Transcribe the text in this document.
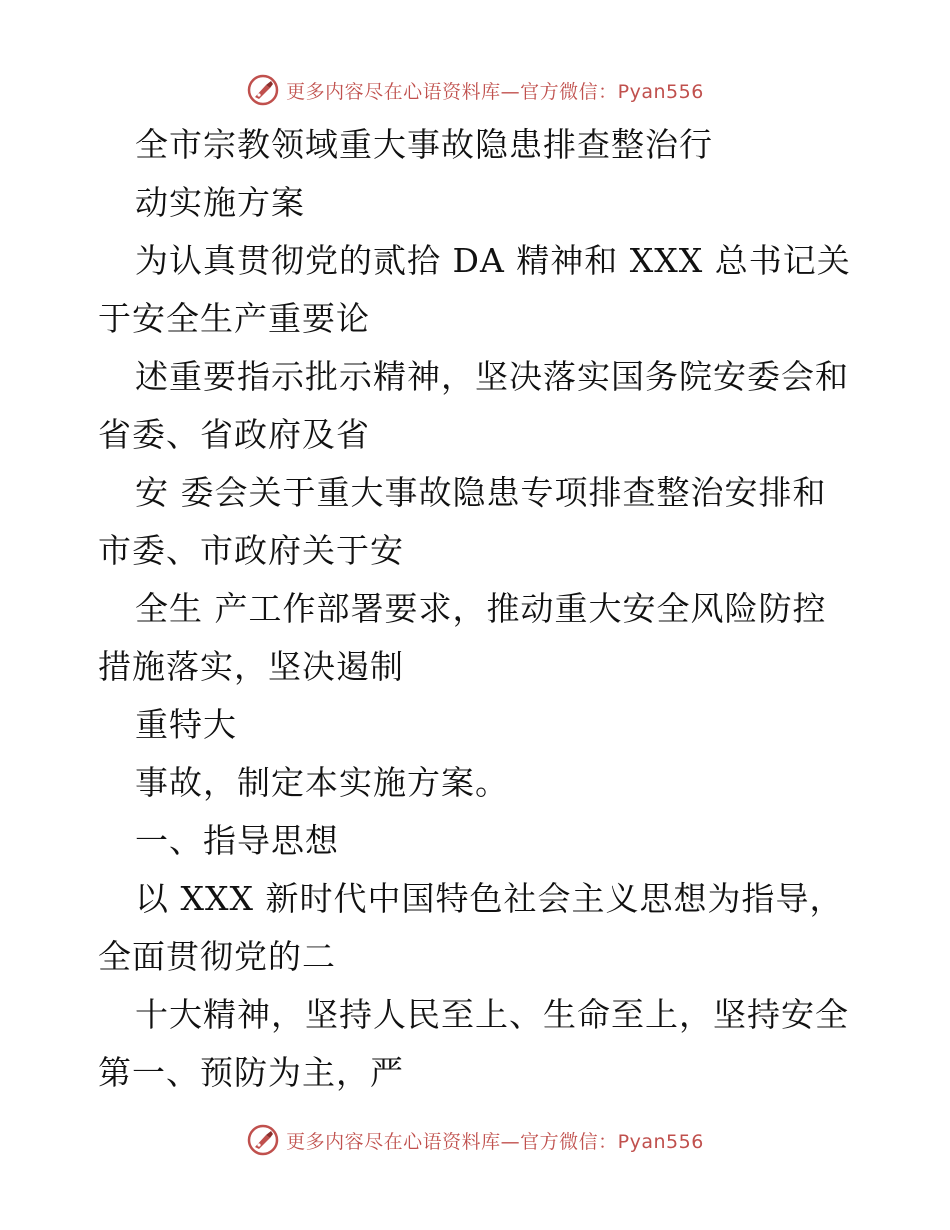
更多内容尽在心语资料库—官方微信：Pyan556

全市宗教领域重大事故隐患排查整治行

动实施方案

为认真贯彻党的贰拾 DA 精神和 XXX 总书记关于安全生产重要论

述重要指示批示精神，坚决落实国务院安委会和省委、省政府及省

安 委会关于重大事故隐患专项排查整治安排和市委、市政府关于安

全生 产工作部署要求，推动重大安全风险防控措施落实，坚决遏制

重特大

事故，制定本实施方案。

一、指导思想

以 XXX 新时代中国特色社会主义思想为指导，全面贯彻党的二

十大精神，坚持人民至上、生命至上，坚持安全第一、预防为主，严

更多内容尽在心语资料库—官方微信：Pyan556
